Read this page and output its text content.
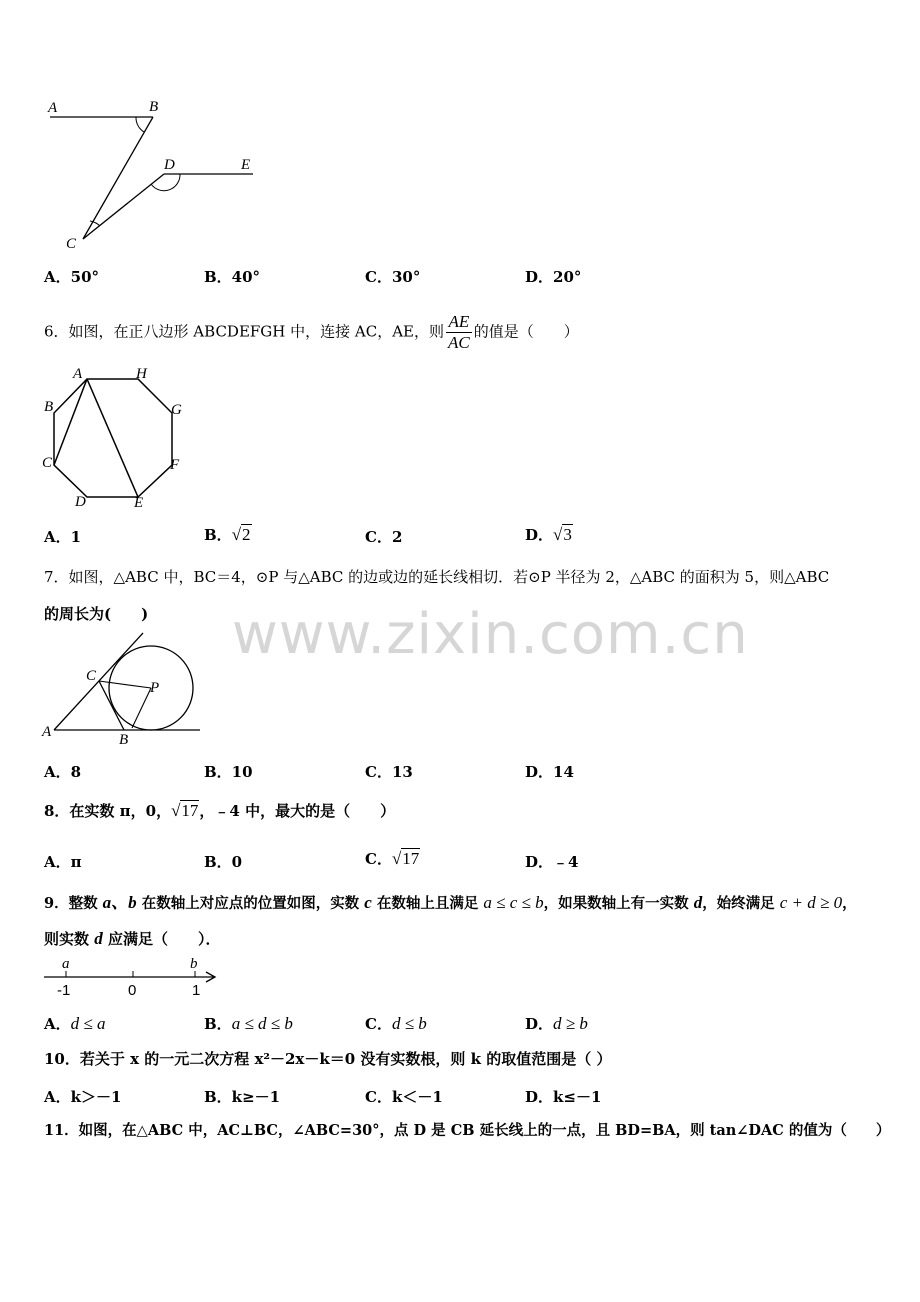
www.zixin.com.cn
A	B
C
D	E
A．50°	B．40°	C．30°	D．20°
6．如图，在正八边形 ABCDEFGH 中，连接 AC，AE，则 $\frac{AE}{AC}$ 的值是（　　）
A	H
B	G
C	F
D	E
A．1	B．√2	C．2	D．√3
7．如图，△ABC 中，BC＝4，⊙P 与△ABC 的边或边的延长线相切．若⊙P 半径为 2，△ABC 的面积为 5，则△ABC
的周长为(　　)
A	B
C
P
A．8	B．10	C．13	D．14
8．在实数 π，0，√17，﹣4 中，最大的是（　　）
A．π	B．0	C．√17	D．﹣4
9．整数 a、b 在数轴上对应点的位置如图，实数 c 在数轴上且满足 a ≤ c ≤ b，如果数轴上有一实数 d，始终满足 c + d ≥ 0，
则实数 d 应满足（　　）．
a	b
-1	0	1
A．d ≤ a	B．a ≤ d ≤ b	C．d ≤ b	D．d ≥ b
10．若关于 x 的一元二次方程 x²－2x－k＝0 没有实数根，则 k 的取值范围是（ ）
A．k＞－1	B．k≥－1	C．k＜－1	D．k≤－1
11．如图，在△ABC 中，AC⊥BC，∠ABC=30°，点 D 是 CB 延长线上的一点，且 BD=BA，则 tan∠DAC 的值为（　　）
